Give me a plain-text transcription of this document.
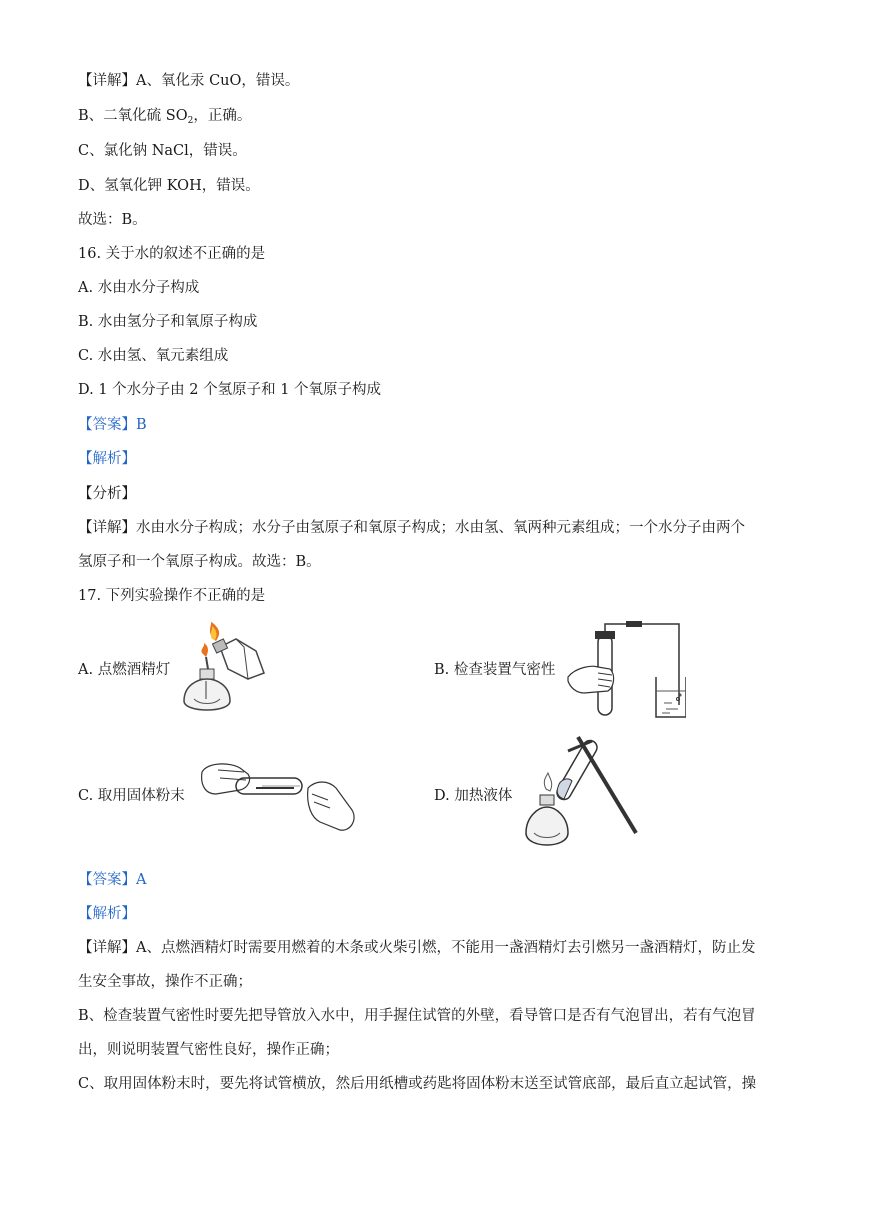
【详解】A、氧化汞 CuO，错误。
B、二氧化硫 $SO_2$，正确。
C、氯化钠 NaCl，错误。
D、氢氧化钾 KOH，错误。
故选：B。
16. 关于水的叙述不正确的是
A. 水由水分子构成
B. 水由氢分子和氧原子构成
C. 水由氢、氧元素组成
D. 1 个水分子由 2 个氢原子和 1 个氧原子构成
【答案】B
【解析】
【分析】
【详解】水由水分子构成；水分子由氢原子和氧原子构成；水由氢、氧两种元素组成；一个水分子由两个
氢原子和一个氧原子构成。故选：B。
17. 下列实验操作不正确的是
A. 点燃酒精灯	B. 检查装置气密性
C. 取用固体粉末	D. 加热液体
【答案】A
【解析】
【详解】A、点燃酒精灯时需要用燃着的木条或火柴引燃，不能用一盏酒精灯去引燃另一盏酒精灯，防止发
生安全事故，操作不正确；
B、检查装置气密性时要先把导管放入水中，用手握住试管的外壁，看导管口是否有气泡冒出，若有气泡冒
出，则说明装置气密性良好，操作正确；
C、取用固体粉末时，要先将试管横放，然后用纸槽或药匙将固体粉末送至试管底部，最后直立起试管，操
